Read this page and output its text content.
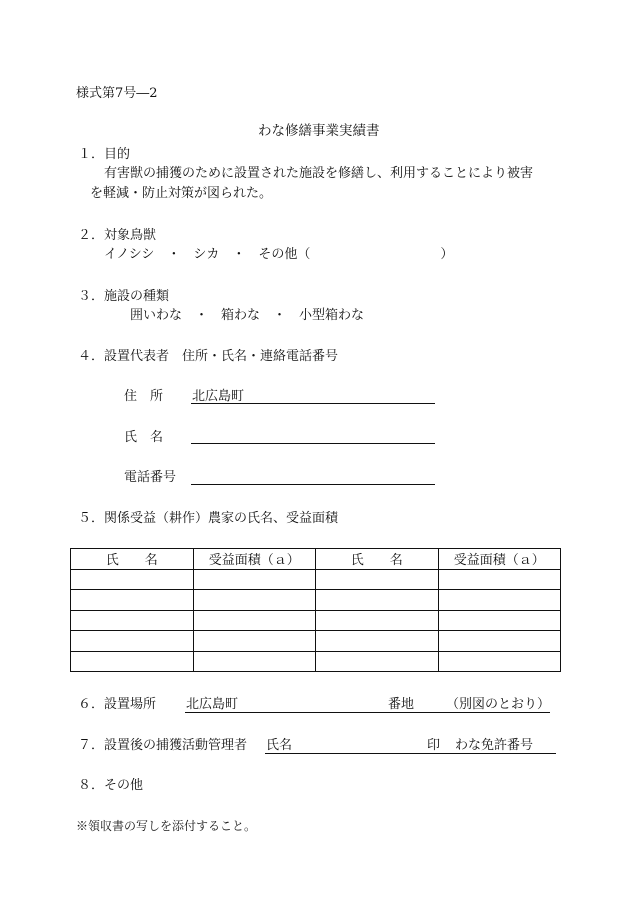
様式第7号―2
わな修繕事業実績書
１．目的
有害獣の捕獲のために設置された施設を修繕し、利用することにより被害
を軽減・防止対策が図られた。
２．対象鳥獣
イノシシ　・　シカ　・　その他（　　　　　　　　　　）
３．施設の種類
囲いわな　・　箱わな　・　小型箱わな
４．設置代表者　住所・氏名・連絡電話番号
住　所 北広島町
氏　名
電話番号
５．関係受益（耕作）農家の氏名、受益面積
氏　　名	受益面積（ａ）	氏　　名	受益面積（ａ）

６．設置場所 北広島町	番地 （別図のとおり）
７．設置後の捕獲活動管理者 氏名	印 わな免許番号
８．その他
※領収書の写しを添付すること。
